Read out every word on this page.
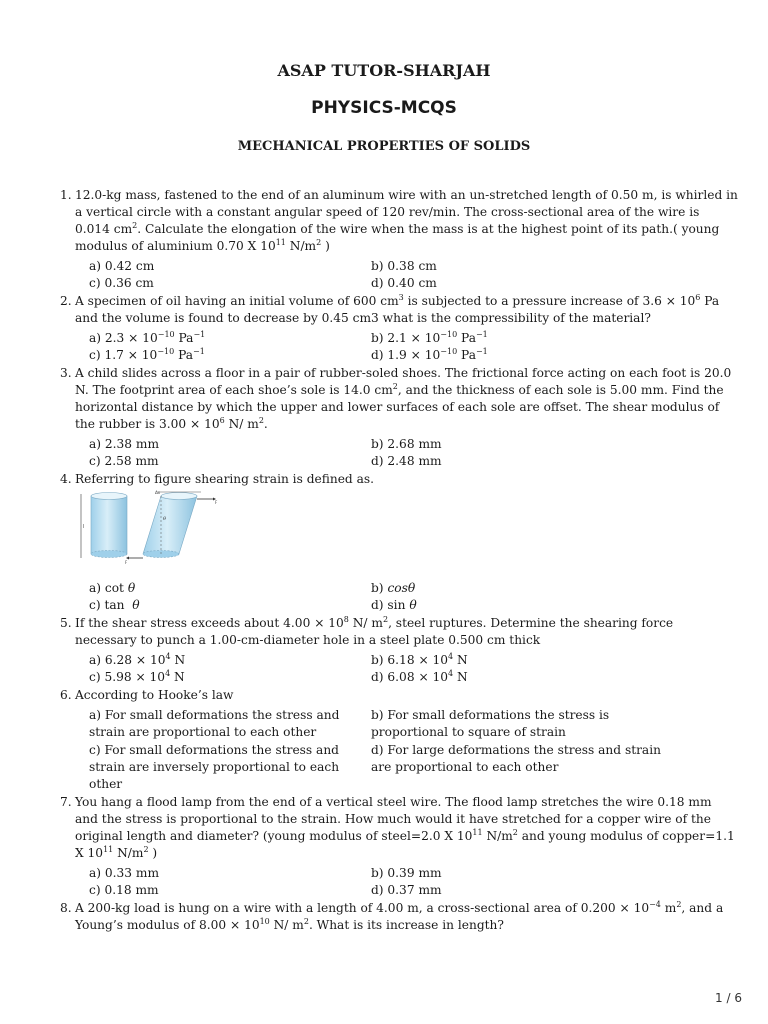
ASAP TUTOR-SHARJAH
PHYSICS-MCQS
MECHANICAL PROPERTIES OF SOLIDS
1. 12.0-kg mass, fastened to the end of an aluminum wire with an un-stretched length of 0.50 m, is whirled in a vertical circle with a constant angular speed of 120 rev/min. The cross-sectional area of the wire is 0.014 $cm^2$. Calculate the elongation of the wire when the mass is at the highest point of its path.( young modulus of aluminium 0.70 X $10^{11}$ $N/m^2$ )
a) 0.42 cm	b) 0.38 cm
c) 0.36 cm	d) 0.40 cm
2. A specimen of oil having an initial volume of 600 $cm^3$ is subjected to a pressure increase of $3.6 \times 10^6$ Pa and the volume is found to decrease by 0.45 cm3 what is the compressibility of the material?
a) $2.3 \times 10^{-10}$ $Pa^{-1}$	b) $2.1 \times 10^{-10}$ $Pa^{-1}$
c) $1.7 \times 10^{-10}$ $Pa^{-1}$	d) $1.9 \times 10^{-10}$ $Pa^{-1}$
3. A child slides across a floor in a pair of rubber-soled shoes. The frictional force acting on each foot is 20.0 N. The footprint area of each shoe’s sole is 14.0 $cm^2$, and the thickness of each sole is 5.00 mm. Find the horizontal distance by which the upper and lower surfaces of each sole are offset. The shear modulus of the rubber is $3.00 \times 10^6$ N/ $m^2$.
a) 2.38 mm	b) 2.68 mm
c) 2.58 mm	d) 2.48 mm
4. Referring to figure shearing strain is defined as.
l
Δx
θ
F
F
a) cot θ	b) cosθ
c) tan  θ	d) sin θ
5. If the shear stress exceeds about $4.00 \times 10^8$ N/ $m^2$, steel ruptures. Determine the shearing force necessary to punch a 1.00-cm-diameter hole in a steel plate 0.500 cm thick
a) $6.28 \times 10^4$ N	b) $6.18 \times 10^4$ N
c) $5.98 \times 10^4$ N	d) $6.08 \times 10^4$ N
6. According to Hooke’s law
a) For small deformations the stress and strain are proportional to each other
b) For small deformations the stress is proportional to square of strain
c) For small deformations the stress and strain are inversely proportional to each other
d) For large deformations the stress and strain are proportional to each other
7. You hang a flood lamp from the end of a vertical steel wire. The flood lamp stretches the wire 0.18 mm and the stress is proportional to the strain. How much would it have stretched for a copper wire of the original length and diameter? (young modulus of steel=2.0 X $10^{11}$ $N/m^2$ and young modulus of copper=1.1 X $10^{11}$ $N/m^2$ )
a) 0.33 mm	b) 0.39 mm
c) 0.18 mm	d) 0.37 mm
8. A 200-kg load is hung on a wire with a length of 4.00 m, a cross-sectional area of $0.200 \times 10^{-4}$ $m^2$, and a Young’s modulus of $8.00 \times 10^{10}$ N/ $m^2$. What is its increase in length?
1 / 6
